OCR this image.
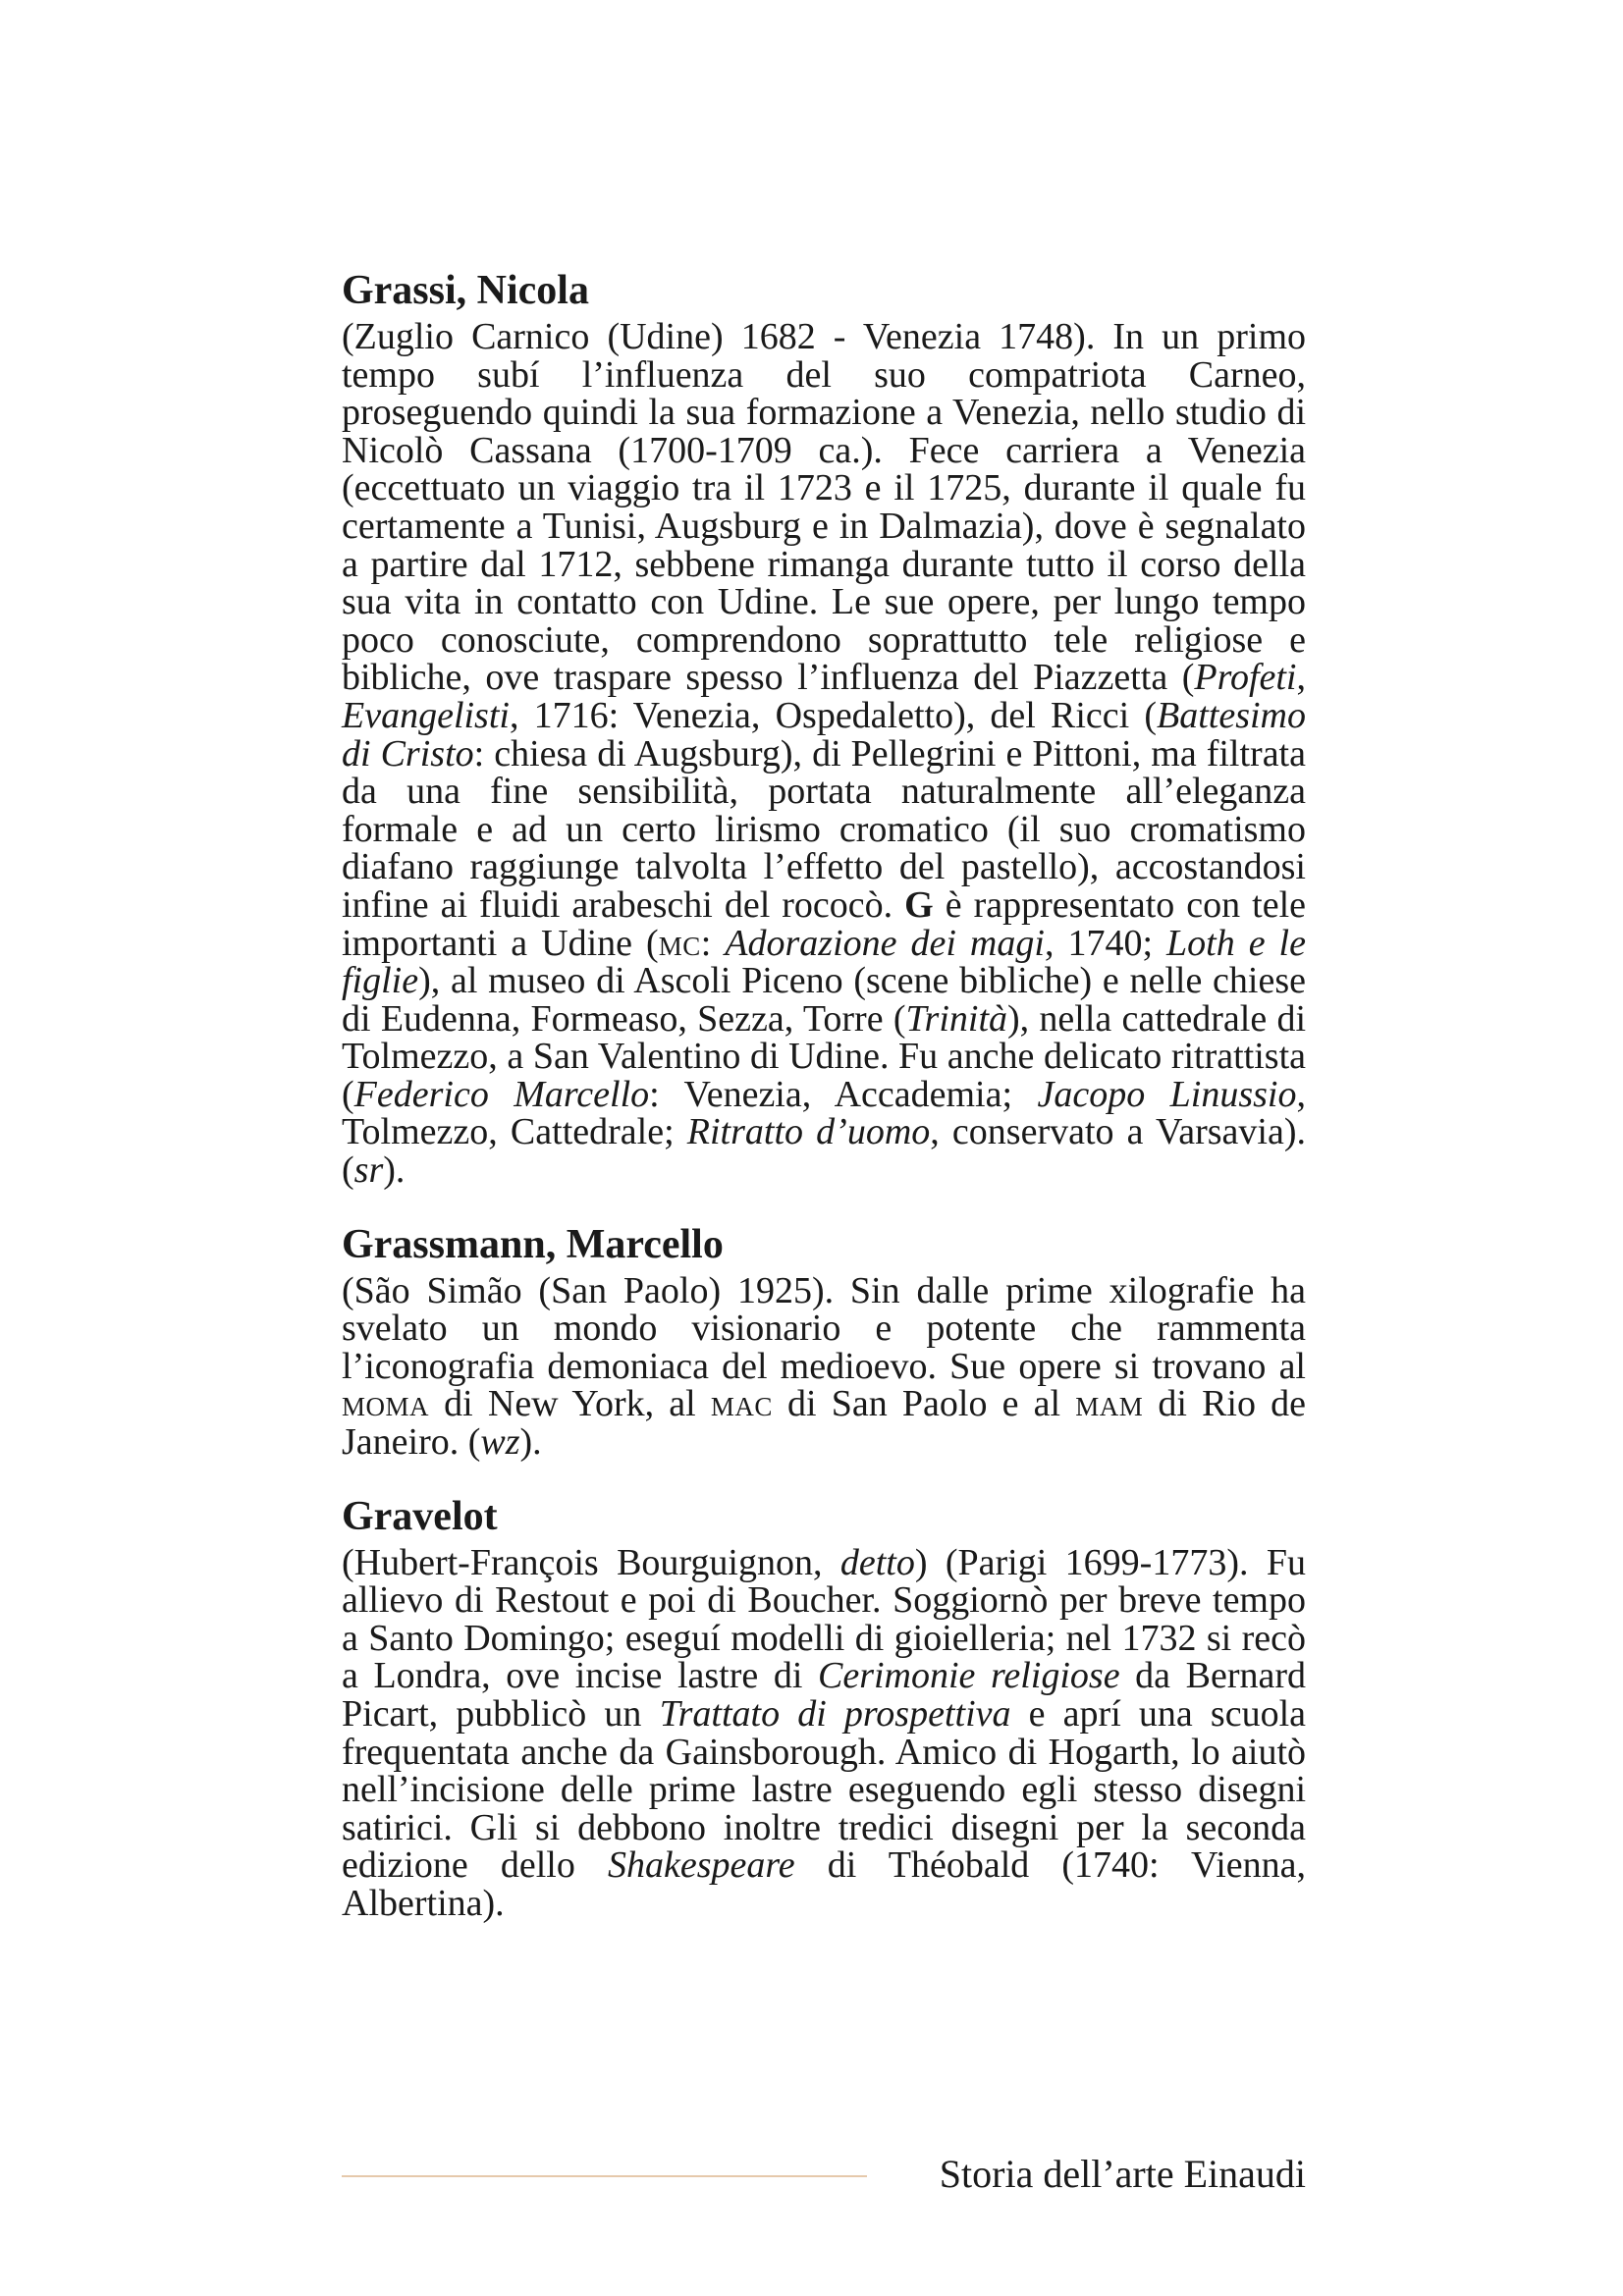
Grassi, Nicola

(Zuglio Carnico (Udine) 1682 - Venezia 1748). In un primo tempo subí l’influenza del suo compatriota Carneo, proseguendo quindi la sua formazione a Venezia, nello studio di Nicolò Cassana (1700-1709 ca.). Fece carriera a Venezia (eccettuato un viaggio tra il 1723 e il 1725, durante il quale fu certamente a Tunisi, Augsburg e in Dalmazia), dove è segnalato a partire dal 1712, sebbene rimanga durante tutto il corso della sua vita in contatto con Udine. Le sue opere, per lungo tempo poco conosciute, comprendono soprattutto tele religiose e bibliche, ove traspare spesso l’influenza del Piazzetta (Profeti, Evangelisti, 1716: Venezia, Ospedaletto), del Ricci (Battesimo di Cristo: chiesa di Augsburg), di Pellegrini e Pittoni, ma filtrata da una fine sensibilità, portata naturalmente all’eleganza formale e ad un certo lirismo cromatico (il suo cromatismo diafano raggiunge talvolta l’effetto del pastello), accostandosi infine ai fluidi arabeschi del rococò. G è rappresentato con tele importanti a Udine (mc: Adorazione dei magi, 1740; Loth e le figlie), al museo di Ascoli Piceno (scene bibliche) e nelle chiese di Eudenna, Formeaso, Sezza, Torre (Trinità), nella cattedrale di Tolmezzo, a San Valentino di Udine. Fu anche delicato ritrattista (Federico Marcello: Venezia, Accademia; Jacopo Linussio, Tolmezzo, Cattedrale; Ritratto d’uomo, conservato a Varsavia). (sr).

Grassmann, Marcello

(São Simão (San Paolo) 1925). Sin dalle prime xilografie ha svelato un mondo visionario e potente che rammenta l’iconografia demoniaca del medioevo. Sue opere si trovano al moma di New York, al mac di San Paolo e al mam di Rio de Janeiro. (wz).

Gravelot

(Hubert-François Bourguignon, detto) (Parigi 1699-1773). Fu allievo di Restout e poi di Boucher. Soggiornò per breve tempo a Santo Domingo; eseguí modelli di gioielleria; nel 1732 si recò a Londra, ove incise lastre di Cerimonie religiose da Bernard Picart, pubblicò un Trattato di prospettiva e aprí una scuola frequentata anche da Gainsborough. Amico di Hogarth, lo aiutò nell’incisione delle prime lastre eseguendo egli stesso disegni satirici. Gli si debbono inoltre tredici disegni per la seconda edizione dello Shakespeare di Théobald (1740: Vienna, Albertina).

Storia dell’arte Einaudi
